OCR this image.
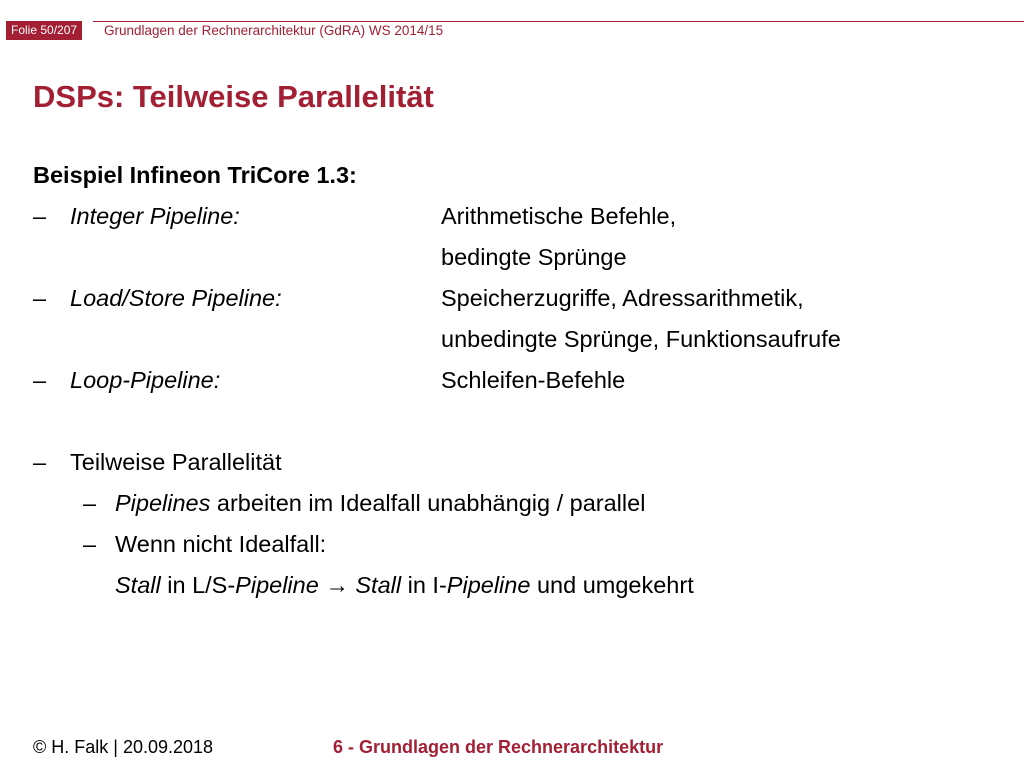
Folie 50/207	Grundlagen der Rechnerarchitektur (GdRA) WS 2014/15
DSPs: Teilweise Parallelität
Beispiel Infineon TriCore 1.3:
– Integer Pipeline:	Arithmetische Befehle,
bedingte Sprünge
– Load/Store Pipeline:	Speicherzugriffe, Adressarithmetik,
unbedingte Sprünge, Funktionsaufrufe
– Loop-Pipeline:	Schleifen-Befehle
– Teilweise Parallelität
– Pipelines arbeiten im Idealfall unabhängig / parallel
– Wenn nicht Idealfall:
Stall in L/S-Pipeline → Stall in I-Pipeline und umgekehrt
© H. Falk | 20.09.2018	6 - Grundlagen der Rechnerarchitektur
